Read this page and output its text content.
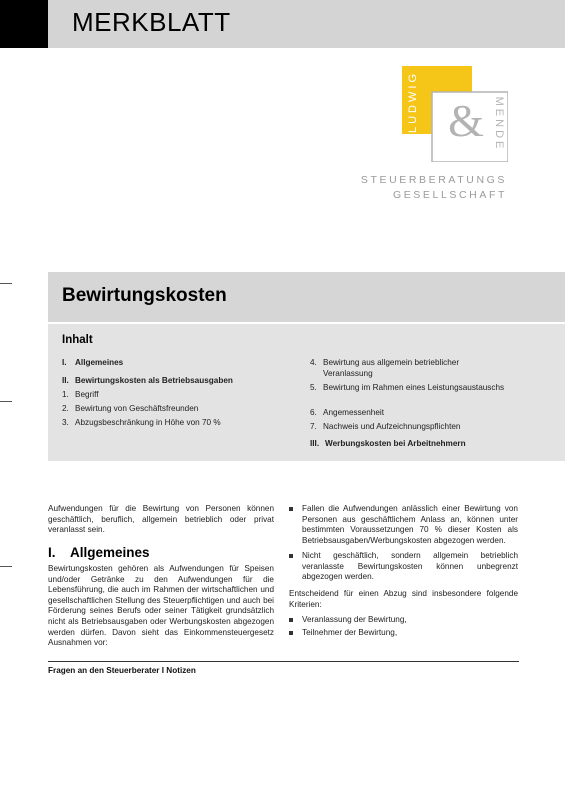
MERKBLATT
LUDWIG & MENDE
STEUERBERATUNGS
GESELLSCHAFT
Bewirtungskosten
Inhalt
I. Allgemeines
II. Bewirtungskosten als Betriebsausgaben
1. Begriff
2. Bewirtung von Geschäftsfreunden
3. Abzugsbeschränkung in Höhe von 70 %
4. Bewirtung aus allgemein betrieblicher Veranlassung
5. Bewirtung im Rahmen eines Leistungsaustauschs
6. Angemessenheit
7. Nachweis und Aufzeichnungspflichten
III. Werbungskosten bei Arbeitnehmern
Aufwendungen für die Bewirtung von Personen können geschäftlich, beruflich, allgemein betrieblich oder privat veranlasst sein.
I. Allgemeines
Bewirtungskosten gehören als Aufwendungen für Speisen und/oder Getränke zu den Aufwendungen für die Lebensführung, die auch im Rahmen der wirtschaftlichen und gesellschaftlichen Stellung des Steuerpflichtigen und auch bei Förderung seines Berufs oder seiner Tätigkeit grundsätzlich nicht als Betriebsausgaben oder Werbungskosten abgezogen werden dürfen. Davon sieht das Einkommensteuergesetz Ausnahmen vor:
Fallen die Aufwendungen anlässlich einer Bewirtung von Personen aus geschäftlichem Anlass an, können unter bestimmten Voraussetzungen 70 % dieser Kosten als Betriebsausgaben/Werbungskosten abgezogen werden.
Nicht geschäftlich, sondern allgemein betrieblich veranlasste Bewirtungskosten können unbegrenzt abgezogen werden.
Entscheidend für einen Abzug sind insbesondere folgende Kriterien:
Veranlassung der Bewirtung,
Teilnehmer der Bewirtung,
Fragen an den Steuerberater I Notizen
